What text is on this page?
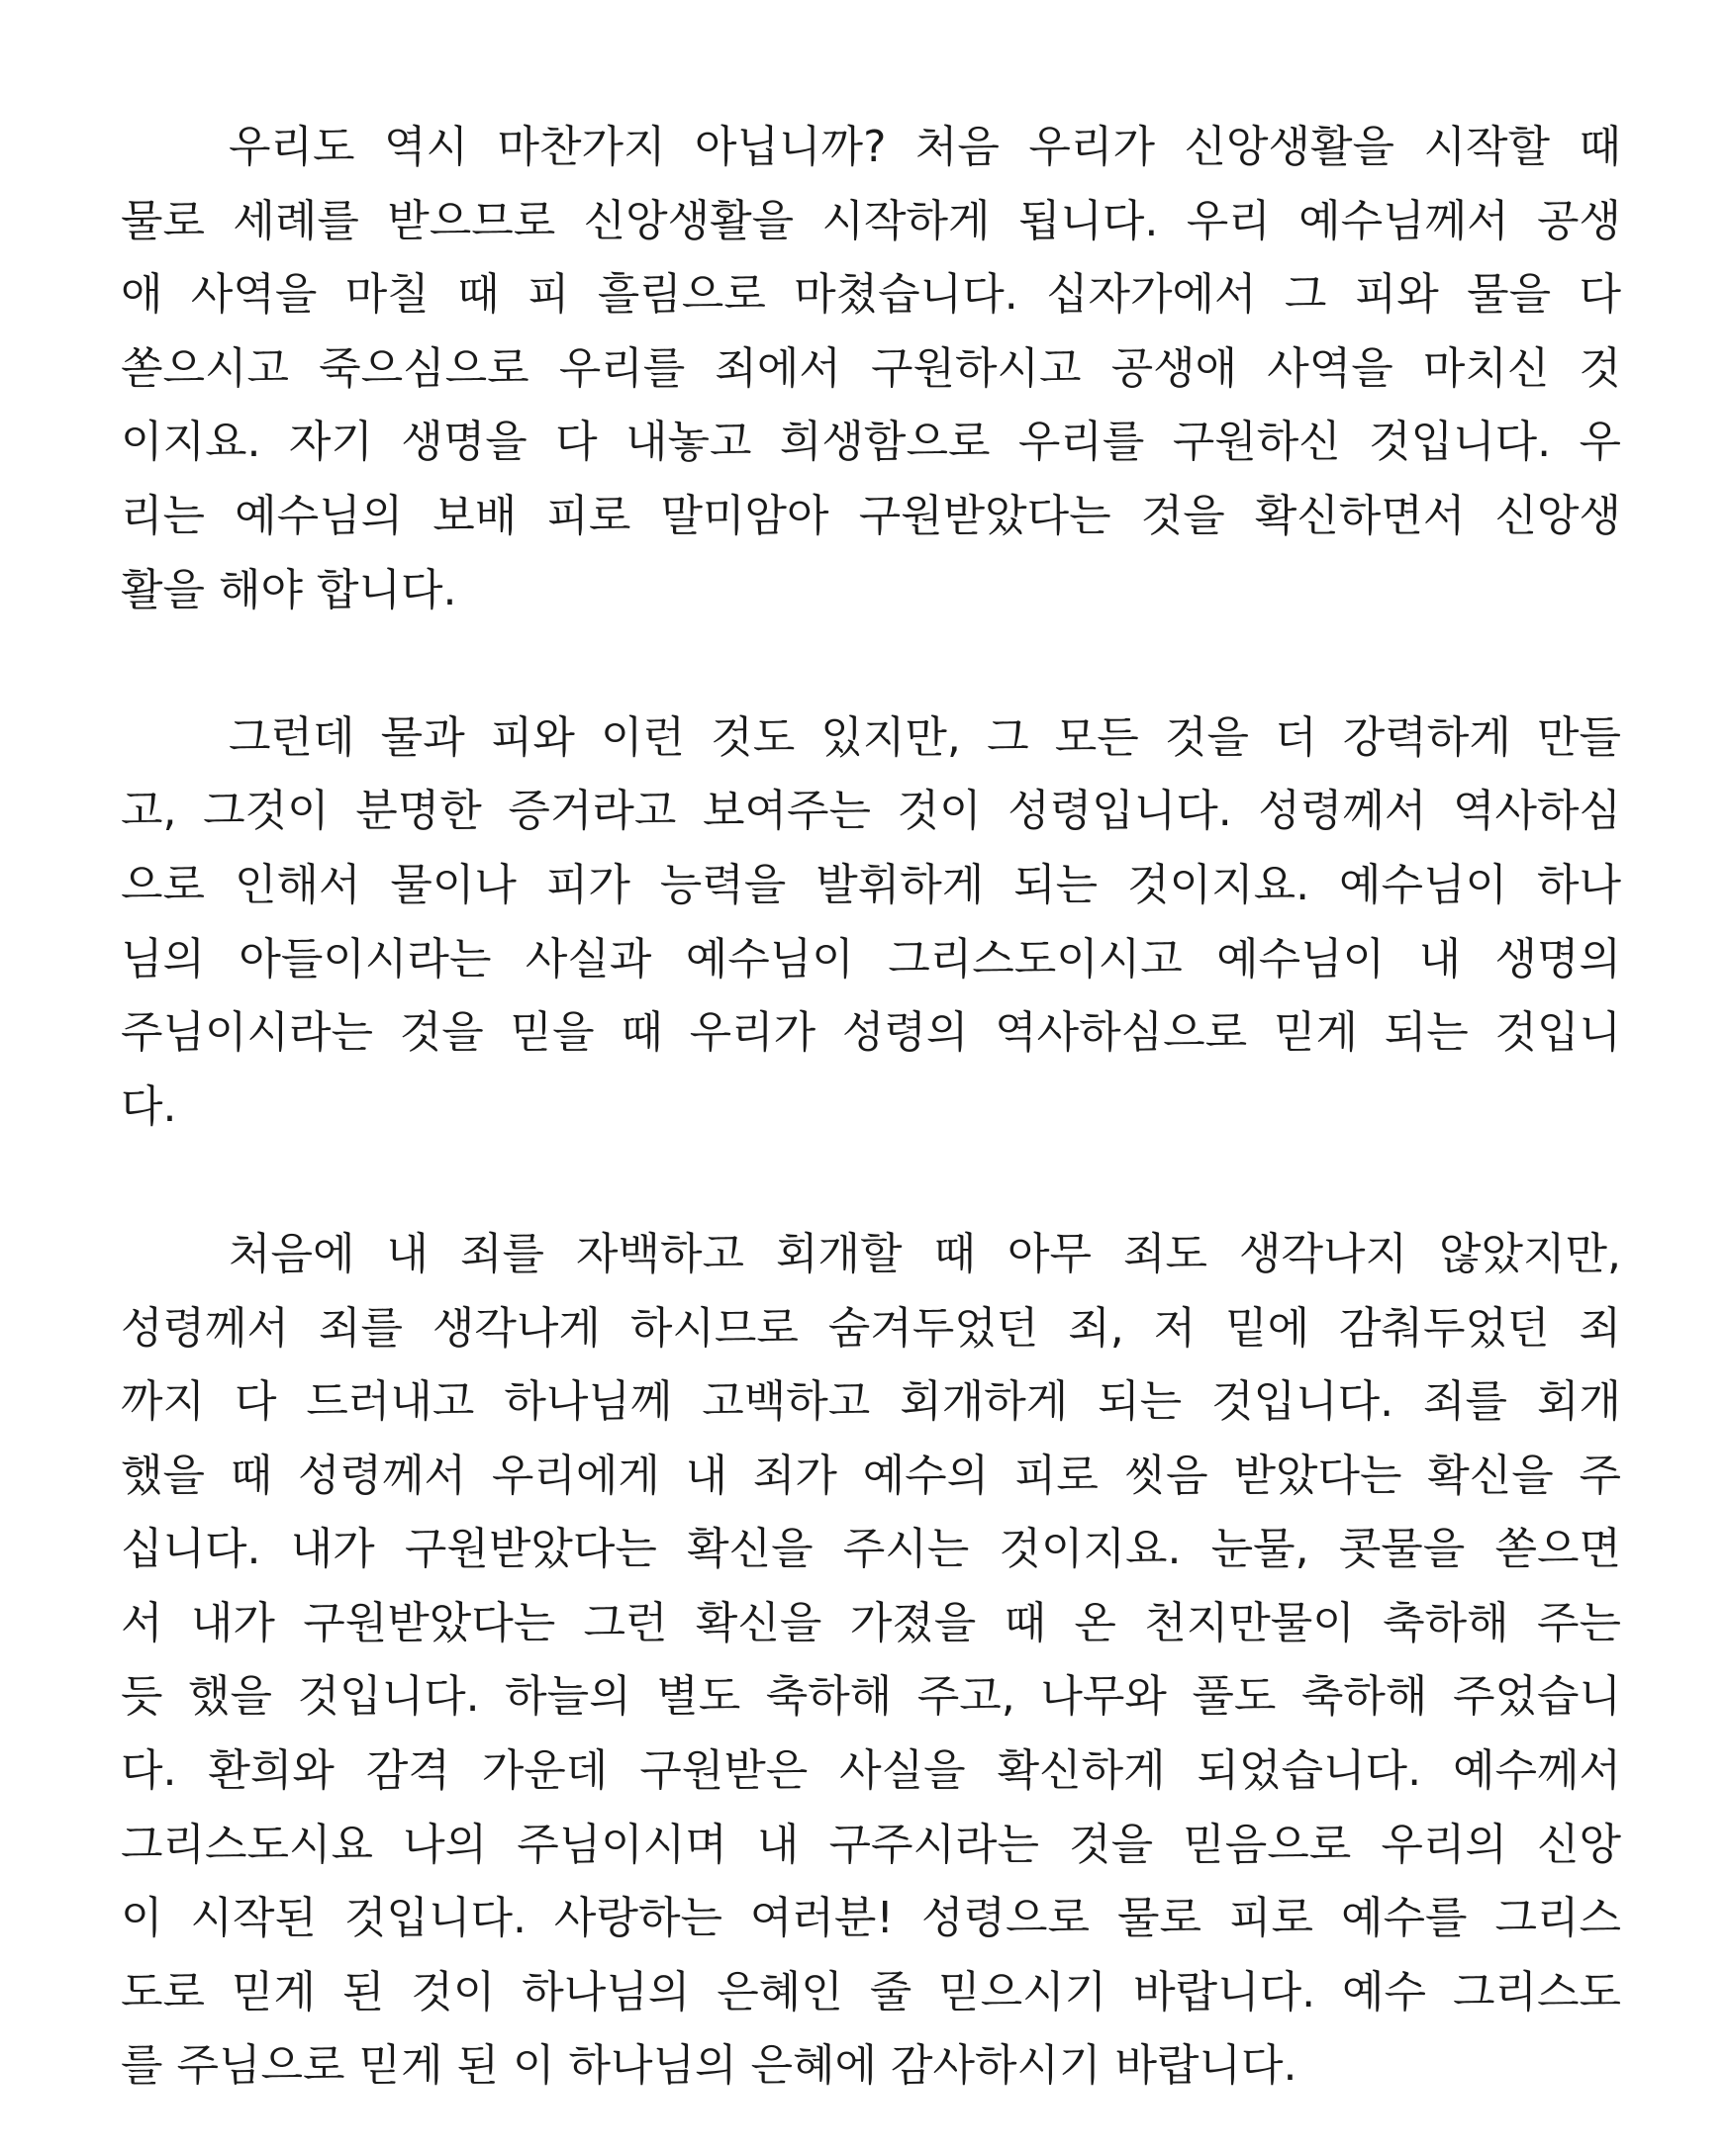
우리도 역시 마찬가지 아닙니까? 처음 우리가 신앙생활을 시작할 때
물로 세례를 받으므로 신앙생활을 시작하게 됩니다. 우리 예수님께서 공생
애 사역을 마칠 때 피 흘림으로 마쳤습니다. 십자가에서 그 피와 물을 다
쏟으시고 죽으심으로 우리를 죄에서 구원하시고 공생애 사역을 마치신 것
이지요. 자기 생명을 다 내놓고 희생함으로 우리를 구원하신 것입니다. 우
리는 예수님의 보배 피로 말미암아 구원받았다는 것을 확신하면서 신앙생
활을 해야 합니다.
그런데 물과 피와 이런 것도 있지만, 그 모든 것을 더 강력하게 만들
고, 그것이 분명한 증거라고 보여주는 것이 성령입니다. 성령께서 역사하심
으로 인해서 물이나 피가 능력을 발휘하게 되는 것이지요. 예수님이 하나
님의 아들이시라는 사실과 예수님이 그리스도이시고 예수님이 내 생명의
주님이시라는 것을 믿을 때 우리가 성령의 역사하심으로 믿게 되는 것입니
다.
처음에 내 죄를 자백하고 회개할 때 아무 죄도 생각나지 않았지만,
성령께서 죄를 생각나게 하시므로 숨겨두었던 죄, 저 밑에 감춰두었던 죄
까지 다 드러내고 하나님께 고백하고 회개하게 되는 것입니다. 죄를 회개
했을 때 성령께서 우리에게 내 죄가 예수의 피로 씻음 받았다는 확신을 주
십니다. 내가 구원받았다는 확신을 주시는 것이지요. 눈물, 콧물을 쏟으면
서 내가 구원받았다는 그런 확신을 가졌을 때 온 천지만물이 축하해 주는
듯 했을 것입니다. 하늘의 별도 축하해 주고, 나무와 풀도 축하해 주었습니
다. 환희와 감격 가운데 구원받은 사실을 확신하게 되었습니다. 예수께서
그리스도시요 나의 주님이시며 내 구주시라는 것을 믿음으로 우리의 신앙
이 시작된 것입니다. 사랑하는 여러분! 성령으로 물로 피로 예수를 그리스
도로 믿게 된 것이 하나님의 은혜인 줄 믿으시기 바랍니다. 예수 그리스도
를 주님으로 믿게 된 이 하나님의 은혜에 감사하시기 바랍니다.
